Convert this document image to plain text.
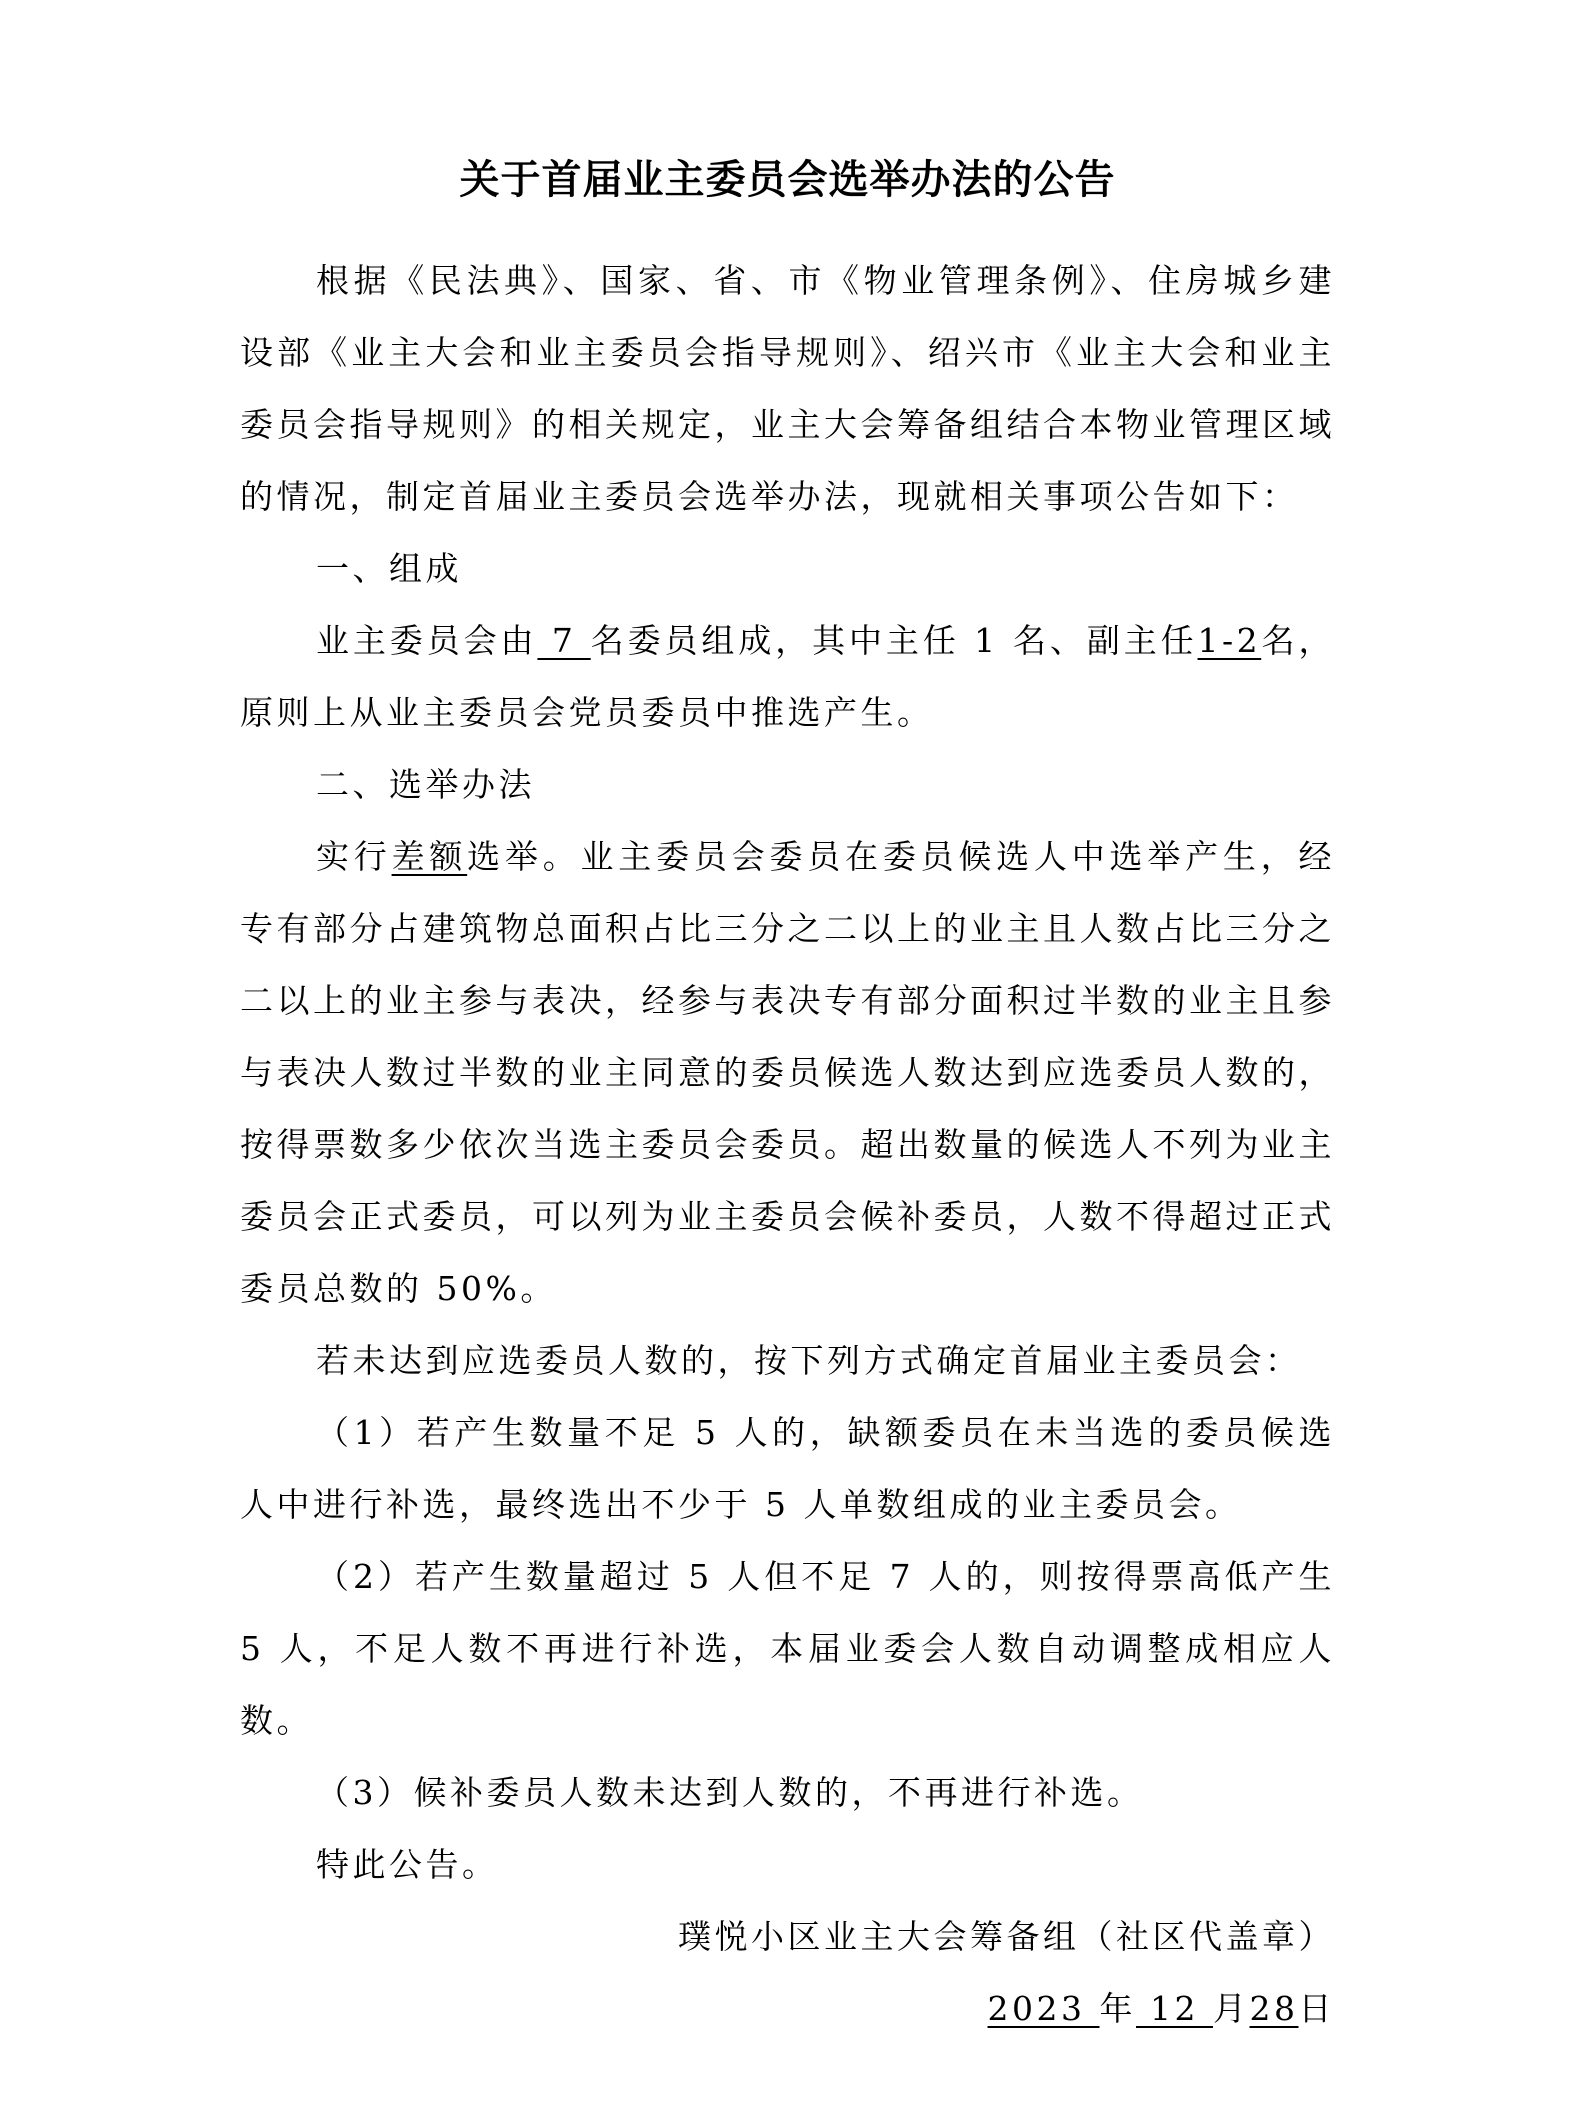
关于首届业主委员会选举办法的公告

根据《民法典》、国家、省、市《物业管理条例》、住房城乡建设部《业主大会和业主委员会指导规则》、绍兴市《业主大会和业主委员会指导规则》的相关规定，业主大会筹备组结合本物业管理区域的情况，制定首届业主委员会选举办法，现就相关事项公告如下：

一、组成

业主委员会由 7 名委员组成，其中主任 1 名、副主任1-2名，原则上从业主委员会党员委员中推选产生。

二、选举办法

实行差额选举。业主委员会委员在委员候选人中选举产生，经专有部分占建筑物总面积占比三分之二以上的业主且人数占比三分之二以上的业主参与表决，经参与表决专有部分面积过半数的业主且参与表决人数过半数的业主同意的委员候选人数达到应选委员人数的，按得票数多少依次当选主委员会委员。超出数量的候选人不列为业主委员会正式委员，可以列为业主委员会候补委员，人数不得超过正式委员总数的 50%。

若未达到应选委员人数的，按下列方式确定首届业主委员会：

（1）若产生数量不足 5 人的，缺额委员在未当选的委员候选人中进行补选，最终选出不少于 5 人单数组成的业主委员会。

（2）若产生数量超过 5 人但不足 7 人的，则按得票高低产生 5 人，不足人数不再进行补选，本届业委会人数自动调整成相应人数。

（3）候补委员人数未达到人数的，不再进行补选。

特此公告。

璞悦小区业主大会筹备组（社区代盖章）

2023 年 12 月28日
